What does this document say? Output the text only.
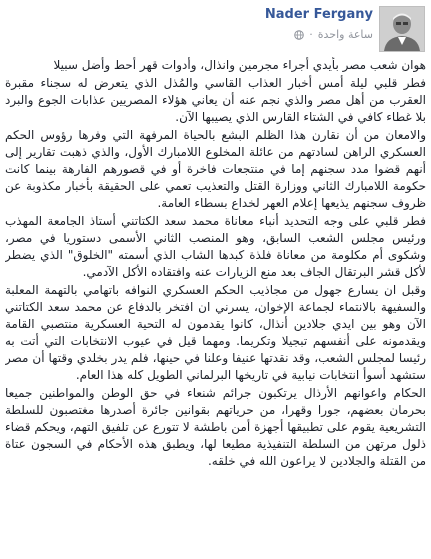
Nader Fergany
ساعة واحدة
·

هوان شعب مصر بأيدي أجراء مجرمين وانذال، وأدوات قهر أحط وأضل سبيلا

فطر قلبي ليلة أمس أخبار العذاب القاسي والمُذل الذي يتعرض له سجناء مقبرة العقرب من أهل مصر والذي نجم عنه أن يعاني هؤلاء المصريين عذابات الجوع والبرد بلا غطاء كافي في الشتاء القارس الذي يصيبها الآن.

والامعان من أن نقارن هذا الظلم البشع بالحياة المرفهة التي وفرها رؤوس الحكم العسكري الراهن لسادتهم من عائلة المخلوع اللامبارك الأول، والذي ذهبت تقارير إلى أنهم قضوا مدد سجنهم إما في منتجعات فاخرة أو في قصورهم الفارهة بينما كانت حكومة اللامبارك الثاني ووزارة القتل والتعذيب تعمي على الحقيقة بأخبار مكذوبة عن ظروف سجنهم يذيعها إعلام العهر لخداع بسطاء العامة.

فطر قلبي على وجه التحديد أنباء معاناة محمد سعد الكتاتني أستاذ الجامعة المهذب ورئيس مجلس الشعب السابق، وهو المنصب الثاني الأسمى دستوريا في مصر، وشكوى أم مكلومة من معاناة فلذة كبدها الشاب الذي أسمته "الخلوق" الذي يضطر لأكل قشر البرتقال الجاف بعد منع الزيارات عنه وافتقاده الأكل الآدمي.

وقبل ان يسارع جهول من مجاذيب الحكم العسكري النوافه باتهامي بالتهمة المعلبة والسفيهة بالانتماء لجماعة الإخوان، يسرني ان افتخر بالدفاع عن محمد سعد الكتاتني الآن وهو بين ايدي جلادين أنذال، كانوا يقدمون له التحية العسكرية منتصبي القامة ويقدمونه على أنفسهم تبجيلا وتكريما. ومهما قيل في عيوب الانتخابات التي أتت به رئيسا لمجلس الشعب، وقد نقدتها عنيفا وعلنا في حينها، فلم يدر بخلدي وقتها أن مصر ستشهد أسوأ انتخابات نيابية في تاريخها البرلماني الطويل كله هذا العام.

الحكام واعوانهم الأرذال يرتكبون جرائم شنعاء في حق الوطن والمواطنين جميعا بحرمان بعضهم، جورا وقهرا، من حرياتهم بقوانين جائرة أصدرها مغتصبون للسلطة التشريعية يقوم على تطبيقها أجهزة أمن باطشة لا تتورع عن تلفيق التهم، ويحكم قضاء ذلول مرتهن من السلطة التنفيذية مطيعا لها، ويطبق هذه الأحكام في السجون عتاة من القتلة والجلادين لا يراعون الله في خلقه.
